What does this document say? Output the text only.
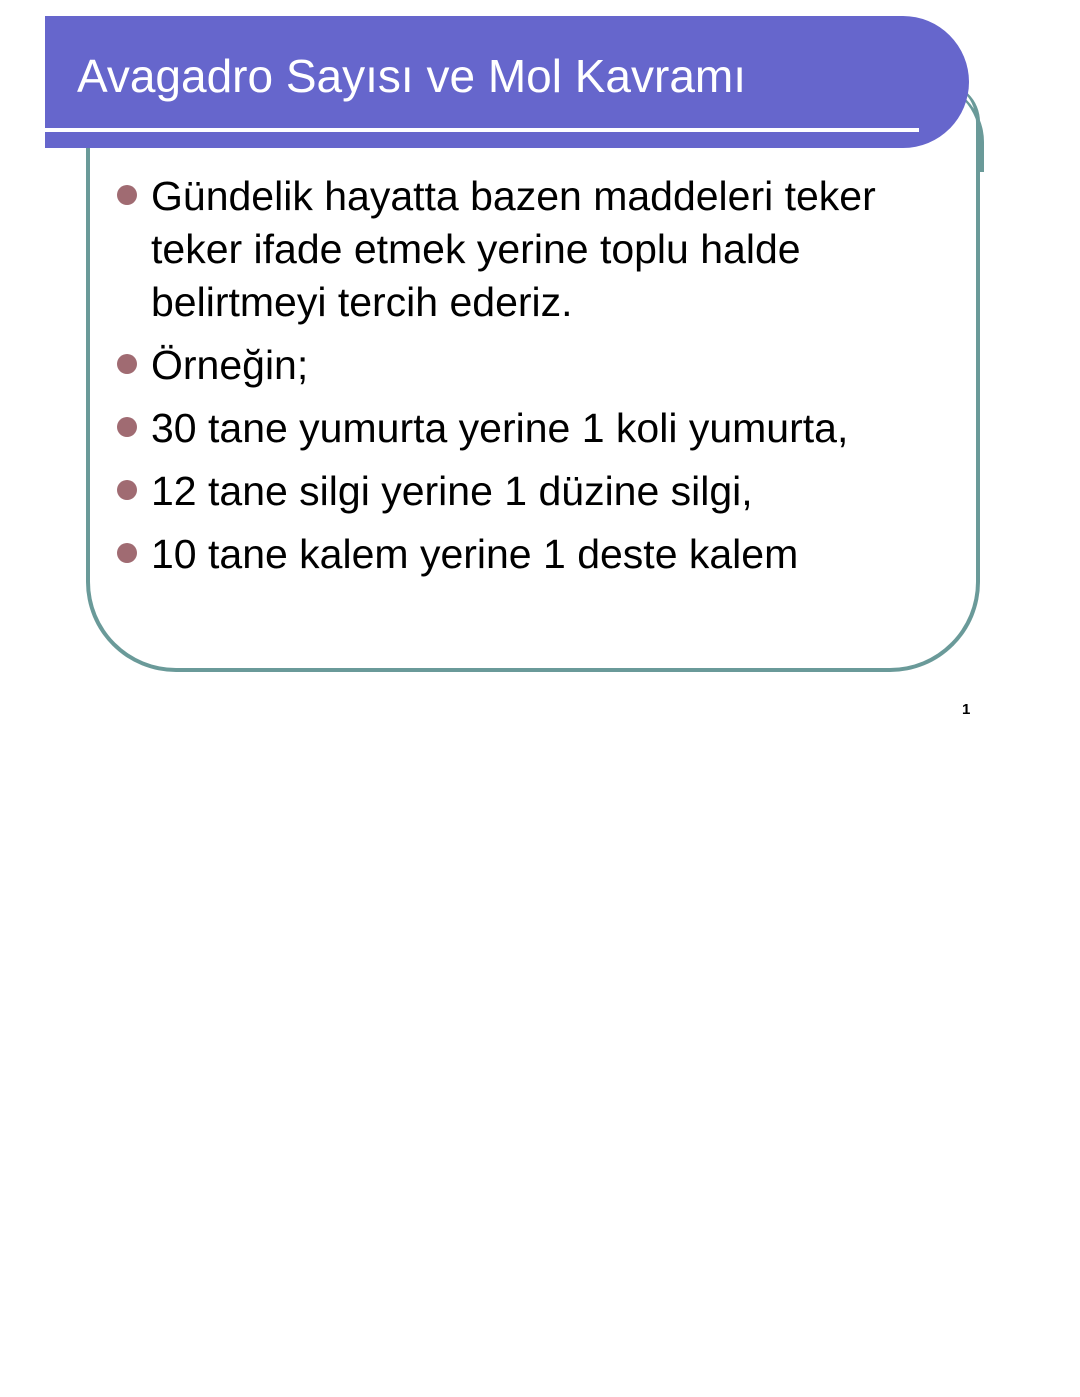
Avagadro Sayısı ve Mol Kavramı
Gündelik hayatta bazen maddeleri teker teker ifade etmek yerine toplu halde belirtmeyi tercih ederiz.
Örneğin;
30 tane yumurta yerine 1 koli yumurta,
12 tane silgi yerine 1 düzine silgi,
10 tane kalem yerine 1 deste kalem
1
